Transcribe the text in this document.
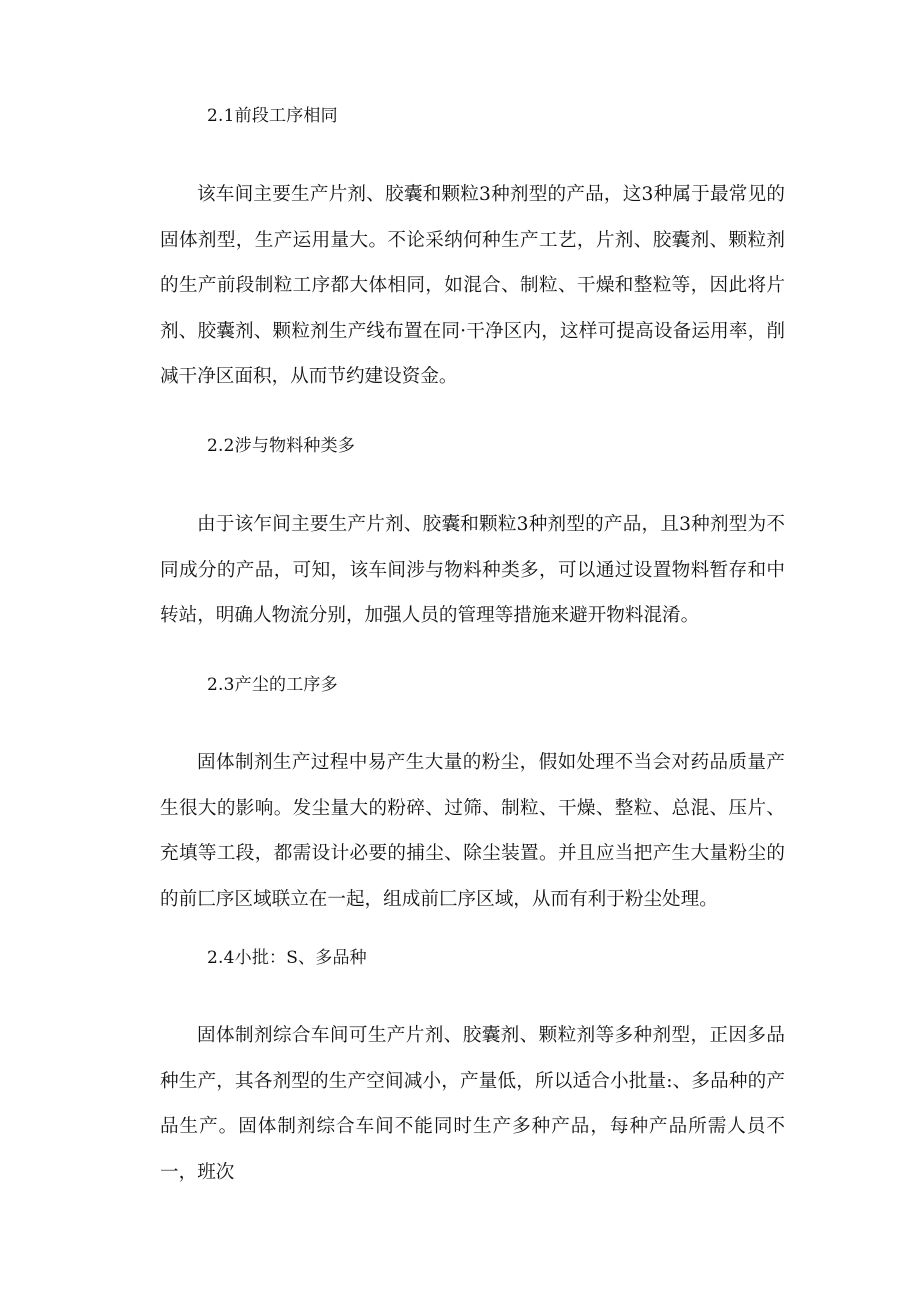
2.1前段工序相同

该车间主要生产片剂、胶囊和颗粒3种剂型的产品，这3种属于最常见的固体剂型，生产运用量大。不论采纳何种生产工艺，片剂、胶囊剂、颗粒剂的生产前段制粒工序都大体相同，如混合、制粒、干燥和整粒等，因此将片剂、胶囊剂、颗粒剂生产线布置在同·干净区内，这样可提高设备运用率，削减干净区面积，从而节约建设资金。

2.2涉与物料种类多

由于该乍间主要生产片剂、胶囊和颗粒3种剂型的产品，且3种剂型为不同成分的产品，可知，该车间涉与物料种类多，可以通过设置物料暂存和中转站，明确人物流分别，加强人员的管理等措施来避开物料混淆。

2.3产尘的工序多

固体制剂生产过程中易产生大量的粉尘，假如处理不当会对药品质量产生很大的影响。发尘量大的粉碎、过筛、制粒、干燥、整粒、总混、压片、充填等工段，都需设计必要的捕尘、除尘装置。并且应当把产生大量粉尘的的前匚序区域联立在一起，组成前匚序区域，从而有利于粉尘处理。

2.4小批：S、多品种

固体制剂综合车间可生产片剂、胶囊剂、颗粒剂等多种剂型，正因多品种生产，其各剂型的生产空间减小，产量低，所以适合小批量:、多品种的产品生产。固体制剂综合车间不能同时生产多种产品，每种产品所需人员不一，班次
